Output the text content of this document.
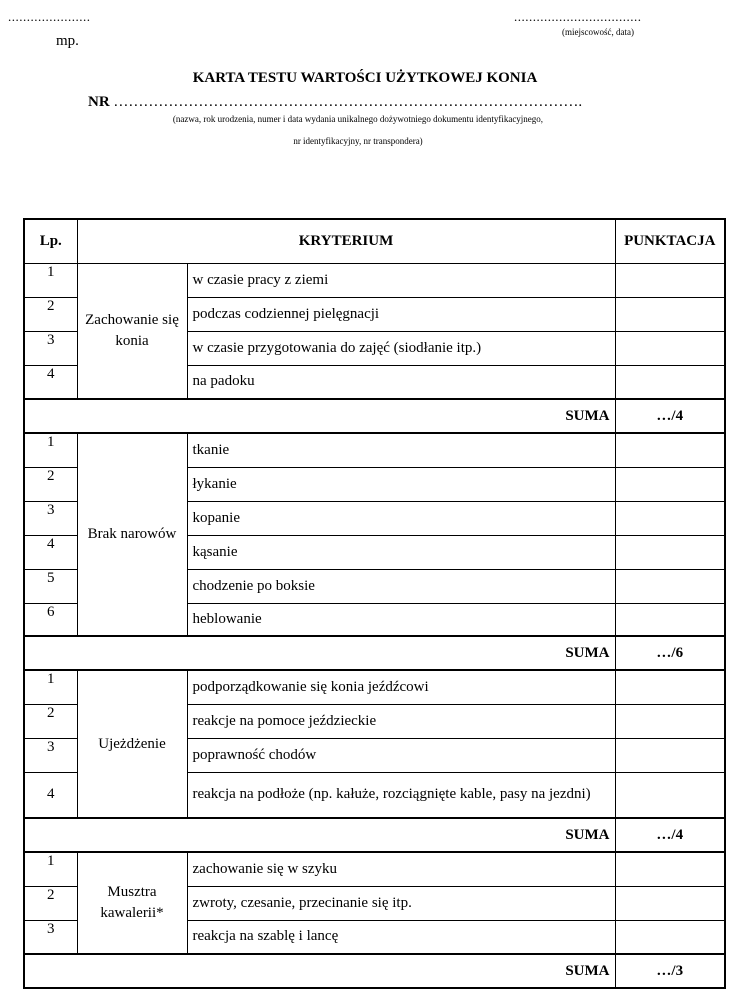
......................
mp.
..................................
(miejscowość, data)
KARTA TESTU WARTOŚCI UŻYTKOWEJ KONIA
NR ………………………………………………………………………………….
(nazwa, rok urodzenia, numer i data wydania unikalnego dożywotniego dokumentu identyfikacyjnego,
nr identyfikacyjny, nr transpondera)
Lp.	KRYTERIUM		PUNKTACJA
1	Zachowanie się konia	w czasie pracy z ziemi	
2		podczas codziennej pielęgnacji	
3		w czasie przygotowania do zajęć (siodłanie itp.)	
4		na padoku	
SUMA			…/4
1	Brak narowów	tkanie	
2		łykanie	
3		kopanie	
4		kąsanie	
5		chodzenie po boksie	
6		heblowanie	
SUMA			…/6
1	Ujeżdżenie	podporządkowanie się konia jeźdźcowi	
2		reakcje na pomoce jeździeckie	
3		poprawność chodów	
4		reakcja na podłoże (np. kałuże, rozciągnięte kable, pasy na jezdni)	
SUMA			…/4
1	Musztra kawalerii*	zachowanie się w szyku	
2		zwroty, czesanie, przecinanie się itp.	
3		reakcja na szablę i lancę	
SUMA			…/3
